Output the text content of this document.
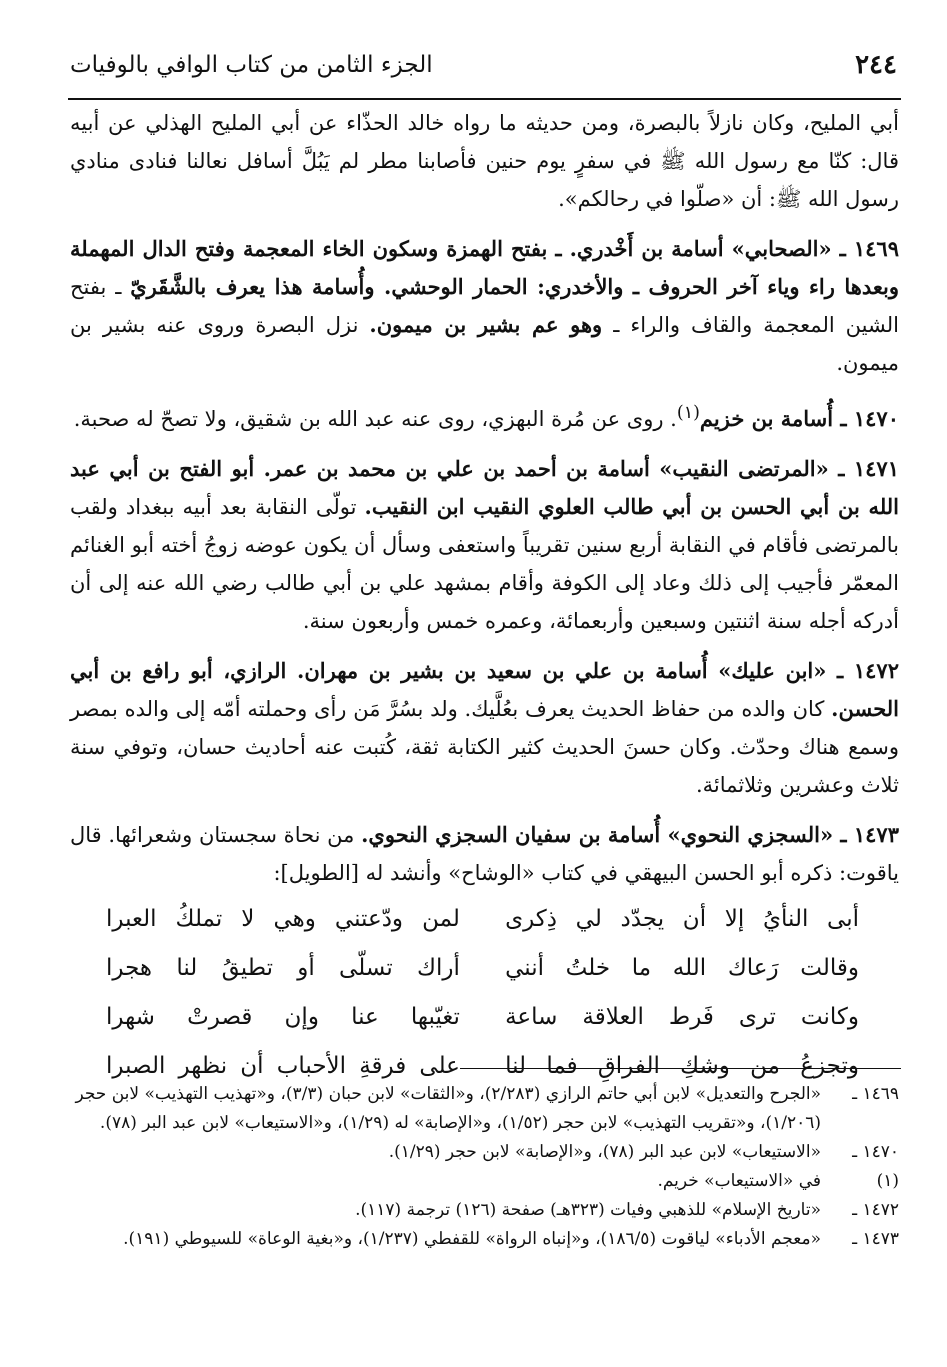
٢٤٤
الجزء الثامن من كتاب الوافي بالوفيات

أبي المليح، وكان نازلاً بالبصرة، ومن حديثه ما رواه خالد الحذّاء عن أبي المليح الهذلي عن أبيه قال: كنّا مع رسول الله ﷺ في سفرٍ يوم حنين فأصابنا مطر لم يَبُلَّ أسافل نعالنا فنادى منادي رسول الله ﷺ: أن «صلّوا في رحالكم».

١٤٦٩ ـ «الصحابي» أسامة بن أَخْدري. ـ بفتح الهمزة وسكون الخاء المعجمة وفتح الدال المهملة وبعدها راء وياء آخر الحروف ـ والأخدري: الحمار الوحشي. وأُسامة هذا يعرف بالشَّقَريّ ـ بفتح الشين المعجمة والقاف والراء ـ وهو عم بشير بن ميمون. نزل البصرة وروى عنه بشير بن ميمون.

١٤٧٠ ـ أُسامة بن خزيم$^{(١)}$. روى عن مُرة البهزي، روى عنه عبد الله بن شقيق، ولا تصحّ له صحبة.

١٤٧١ ـ «المرتضى النقيب» أسامة بن أحمد بن علي بن محمد بن عمر. أبو الفتح بن أبي عبد الله بن أبي الحسن بن أبي طالب العلوي النقيب ابن النقيب. تولّى النقابة بعد أبيه ببغداد ولقب بالمرتضى فأقام في النقابة أربع سنين تقريباً واستعفى وسأل أن يكون عوضه زوجُ أخته أبو الغنائم المعمّر فأجيب إلى ذلك وعاد إلى الكوفة وأقام بمشهد علي بن أبي طالب رضي الله عنه إلى أن أدركه أجله سنة اثنتين وسبعين وأربعمائة، وعمره خمس وأربعون سنة.

١٤٧٢ ـ «ابن عليك» أُسامة بن علي بن سعيد بن بشير بن مهران. الرازي، أبو رافع بن أبي الحسن. كان والده من حفاظ الحديث يعرف بعُلَّيك. ولد بسُرَّ مَن رأى وحملته أمّه إلى والده بمصر وسمع هناك وحدّث. وكان حسنَ الحديث كثير الكتابة ثقة، كُتبت عنه أحاديث حسان، وتوفي سنة ثلاث وعشرين وثلاثمائة.

١٤٧٣ ـ «السجزي النحوي» أُسامة بن سفيان السجزي النحوي. من نحاة سجستان وشعرائها. قال ياقوت: ذكره أبو الحسن البيهقي في كتاب «الوشاح» وأنشد له [الطويل]:

أبى النأيُ إلا أن يجدّد لي ذِكرى
لمن ودّعتني وهي لا تملكُ العبرا
وقالت رَعاك الله ما خلتُ أنني
أراك تسلّى أو تطيقُ لنا هجرا
وكانت ترى فَرط العلاقة ساعة
تغيّبها عنا وإن قصرتْ شهرا
وتجزعُ من وشكِ الفراقِ فما لنا
على فرقةِ الأحباب أن نظهر الصبرا
١٤٦٩ ـ
«الجرح والتعديل» لابن أبي حاتم الرازي (٢/٢٨٣)، و«الثقات» لابن حبان (٣/٣)، و«تهذيب التهذيب» لابن حجر (١/٢٠٦)، و«تقريب التهذيب» لابن حجر (١/٥٢)، و«الإصابة» له (١/٢٩)، و«الاستيعاب» لابن عبد البر (٧٨).
١٤٧٠ ـ
«الاستيعاب» لابن عبد البر (٧٨)، و«الإصابة» لابن حجر (١/٢٩).
(١)
في «الاستيعاب» خريم.
١٤٧٢ ـ
«تاريخ الإسلام» للذهبي وفيات (٣٢٣هـ) صفحة (١٢٦) ترجمة (١١٧).
١٤٧٣ ـ
«معجم الأدباء» لياقوت (١٨٦/٥)، و«إنباه الرواة» للقفطي (١/٢٣٧)، و«بغية الوعاة» للسيوطي (١٩١).
